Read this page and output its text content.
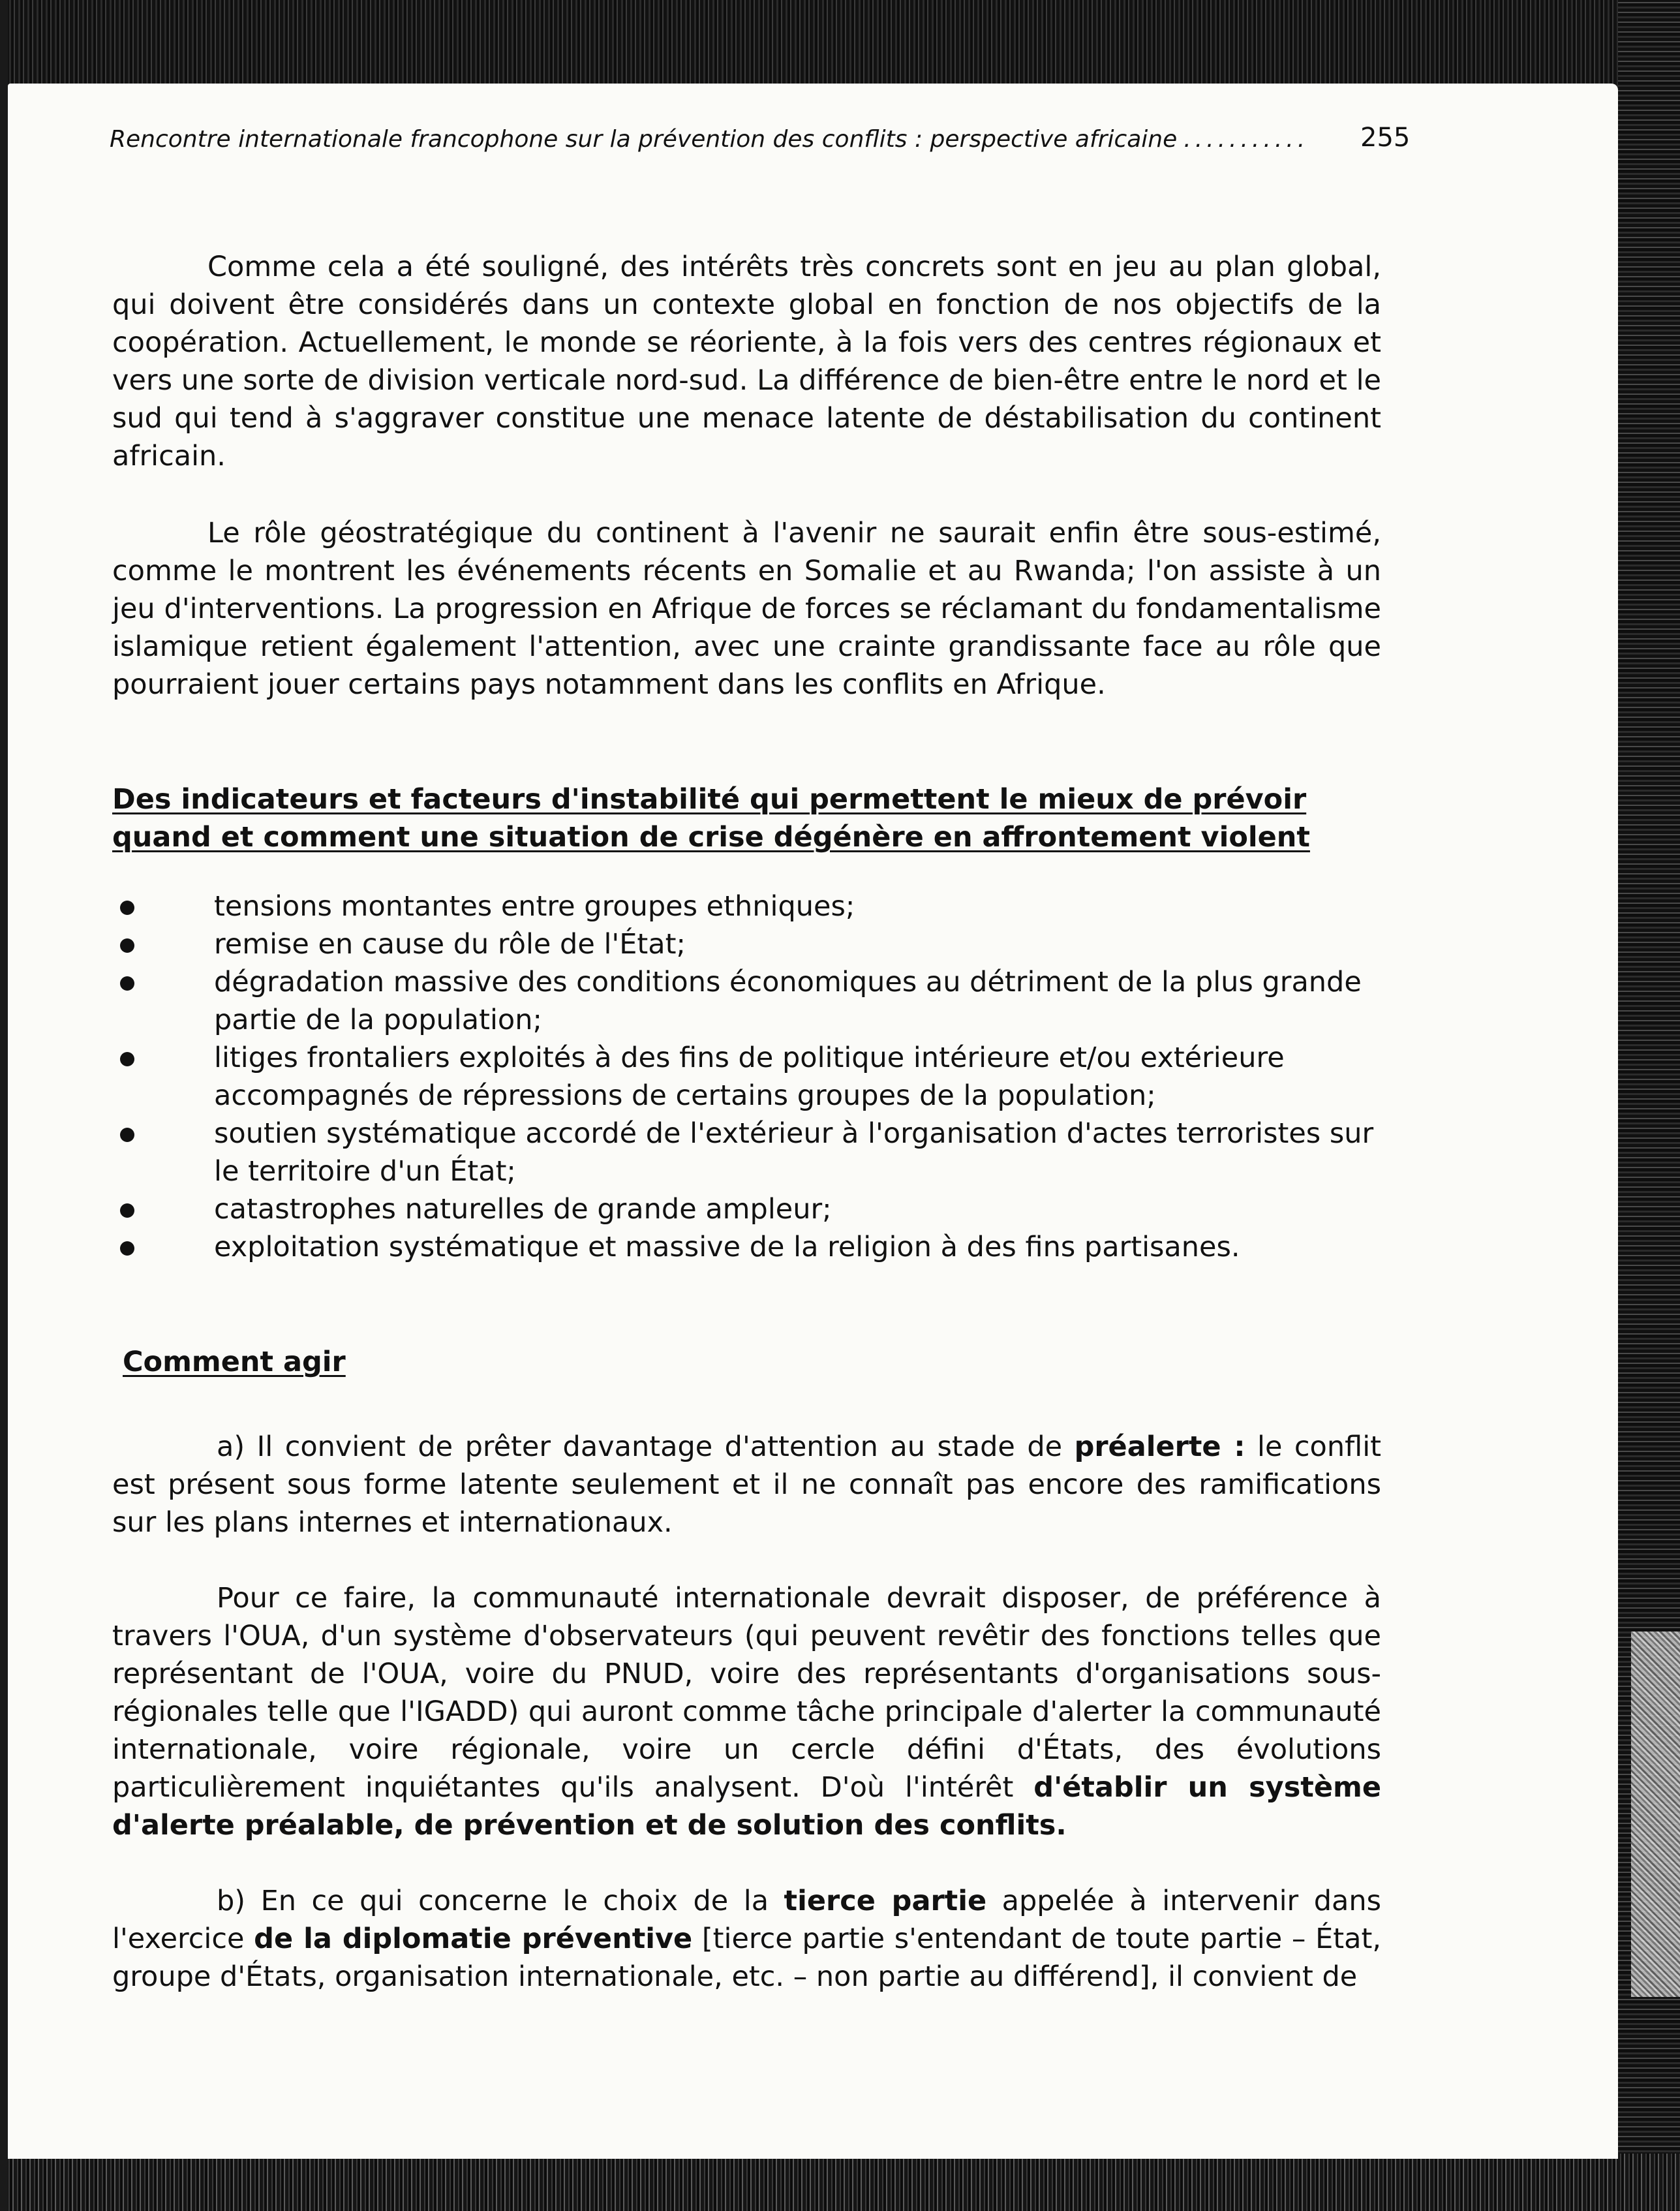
Rencontre internationale francophone sur la prévention des conflits : perspective africaine ...........	255

Comme cela a été souligné, des intérêts très concrets sont en jeu au plan global, qui doivent être considérés dans un contexte global en fonction de nos objectifs de la coopération. Actuellement, le monde se réoriente, à la fois vers des centres régionaux et vers une sorte de division verticale nord-sud. La différence de bien-être entre le nord et le sud qui tend à s'aggraver constitue une menace latente de déstabilisation du continent africain.

Le rôle géostratégique du continent à l'avenir ne saurait enfin être sous-estimé, comme le montrent les événements récents en Somalie et au Rwanda; l'on assiste à un jeu d'interventions. La progression en Afrique de forces se réclamant du fondamentalisme islamique retient également l'attention, avec une crainte grandissante face au rôle que pourraient jouer certains pays notamment dans les conflits en Afrique.

Des indicateurs et facteurs d'instabilité qui permettent le mieux de prévoir quand et comment une situation de crise dégénère en affrontement violent

tensions montantes entre groupes ethniques;
remise en cause du rôle de l'État;
dégradation massive des conditions économiques au détriment de la plus grande partie de la population;
litiges frontaliers exploités à des fins de politique intérieure et/ou extérieure accompagnés de répressions de certains groupes de la population;
soutien systématique accordé de l'extérieur à l'organisation d'actes terroristes sur le territoire d'un État;
catastrophes naturelles de grande ampleur;
exploitation systématique et massive de la religion à des fins partisanes.

Comment agir

a) Il convient de prêter davantage d'attention au stade de préalerte : le conflit est présent sous forme latente seulement et il ne connaît pas encore des ramifications sur les plans internes et internationaux.

Pour ce faire, la communauté internationale devrait disposer, de préférence à travers l'OUA, d'un système d'observateurs (qui peuvent revêtir des fonctions telles que représentant de l'OUA, voire du PNUD, voire des représentants d'organisations sous-régionales telle que l'IGADD) qui auront comme tâche principale d'alerter la communauté internationale, voire régionale, voire un cercle défini d'États, des évolutions particulièrement inquiétantes qu'ils analysent. D'où l'intérêt d'établir un système d'alerte préalable, de prévention et de solution des conflits.

b) En ce qui concerne le choix de la tierce partie appelée à intervenir dans l'exercice de la diplomatie préventive [tierce partie s'entendant de toute partie – État, groupe d'États, organisation internationale, etc. – non partie au différend], il convient de
